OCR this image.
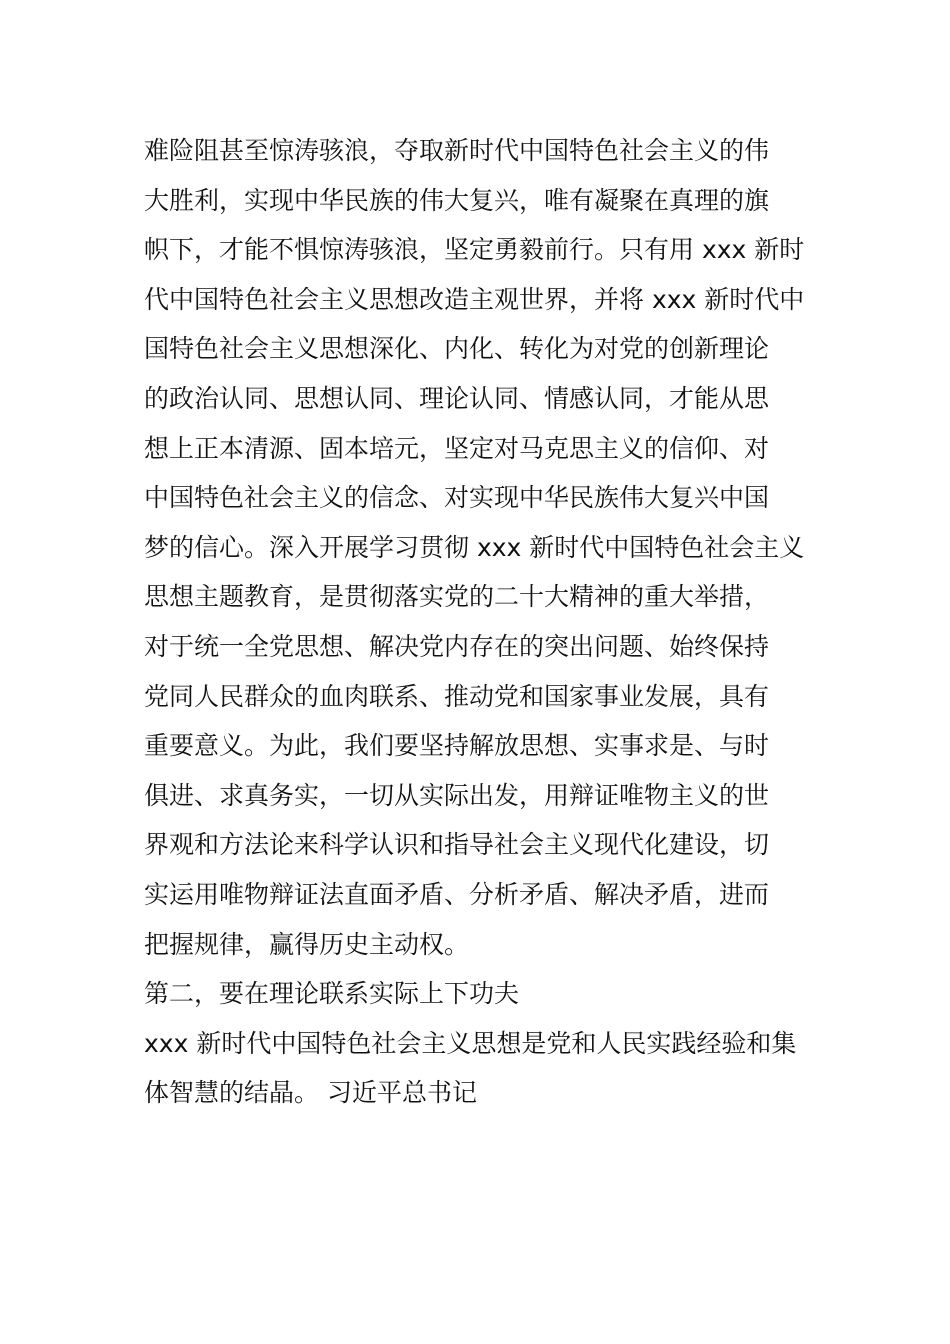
难险阻甚至惊涛骇浪，夺取新时代中国特色社会主义的伟
大胜利，实现中华民族的伟大复兴，唯有凝聚在真理的旗
帜下，才能不惧惊涛骇浪，坚定勇毅前行。只有用 xxx 新时
代中国特色社会主义思想改造主观世界，并将 xxx 新时代中
国特色社会主义思想深化、内化、转化为对党的创新理论
的政治认同、思想认同、理论认同、情感认同，才能从思
想上正本清源、固本培元，坚定对马克思主义的信仰、对
中国特色社会主义的信念、对实现中华民族伟大复兴中国
梦的信心。深入开展学习贯彻 xxx 新时代中国特色社会主义
思想主题教育，是贯彻落实党的二十大精神的重大举措，
对于统一全党思想、解决党内存在的突出问题、始终保持
党同人民群众的血肉联系、推动党和国家事业发展，具有
重要意义。为此，我们要坚持解放思想、实事求是、与时
俱进、求真务实，一切从实际出发，用辩证唯物主义的世
界观和方法论来科学认识和指导社会主义现代化建设，切
实运用唯物辩证法直面矛盾、分析矛盾、解决矛盾，进而
把握规律，赢得历史主动权。
第二，要在理论联系实际上下功夫
xxx 新时代中国特色社会主义思想是党和人民实践经验和集
体智慧的结晶。 习近平总书记
